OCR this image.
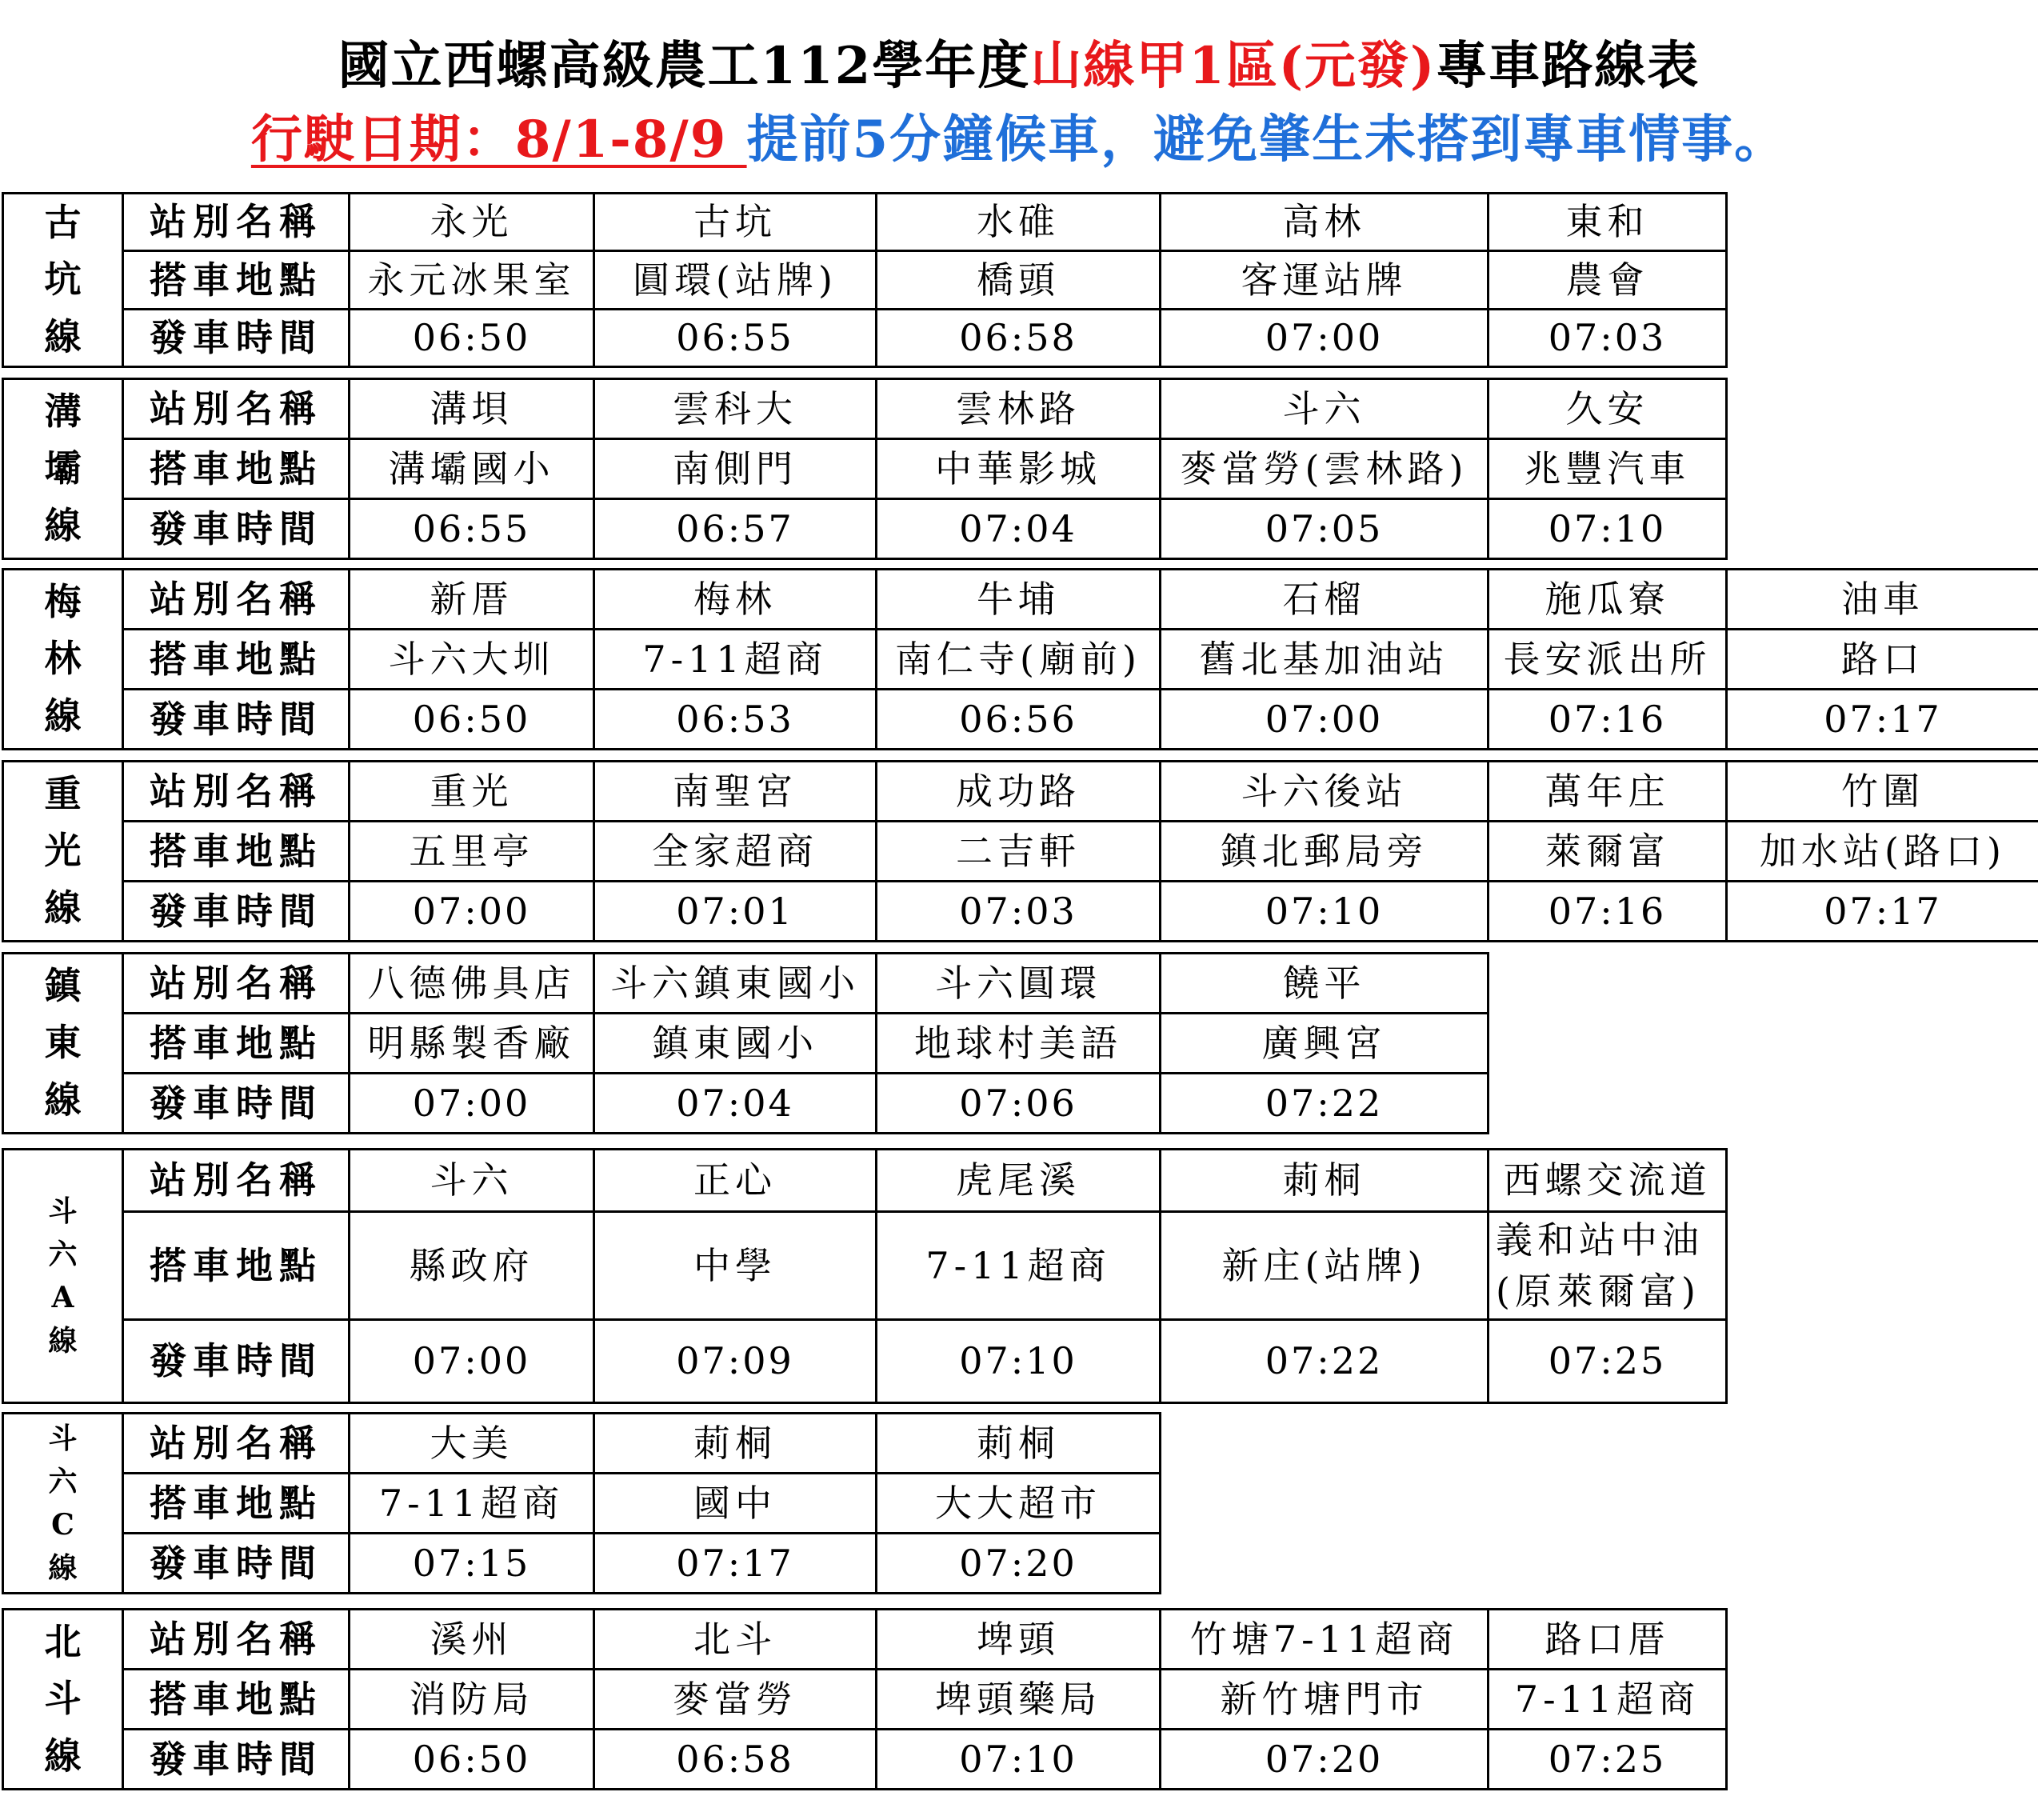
國立西螺高級農工112學年度山線甲1區(元發)專車路線表
行駛日期：8/1-8/9 提前5分鐘候車，避免肇生未搭到專車情事。
古
坑
線	站別名稱	永光	古坑	水碓	高林	東和
	搭車地點	永元冰果室	圓環(站牌)	橋頭	客運站牌	農會
	發車時間	06:50	06:55	06:58	07:00	07:03
溝
壩
線	站別名稱	溝垻	雲科大	雲林路	斗六	久安
	搭車地點	溝壩國小	南側門	中華影城	麥當勞(雲林路)	兆豐汽車
	發車時間	06:55	06:57	07:04	07:05	07:10
梅
林
線	站別名稱	新厝	梅林	牛埔	石榴	施瓜寮	油車
	搭車地點	斗六大圳	7-11超商	南仁寺(廟前)	舊北基加油站	長安派出所	路口
	發車時間	06:50	06:53	06:56	07:00	07:16	07:17
重
光
線	站別名稱	重光	南聖宮	成功路	斗六後站	萬年庄	竹圍
	搭車地點	五里亭	全家超商	二吉軒	鎮北郵局旁	萊爾富	加水站(路口)
	發車時間	07:00	07:01	07:03	07:10	07:16	07:17
鎮
東
線	站別名稱	八德佛具店	斗六鎮東國小	斗六圓環	饒平
	搭車地點	明縣製香廠	鎮東國小	地球村美語	廣興宮
	發車時間	07:00	07:04	07:06	07:22
斗
六
A
線	站別名稱	斗六	正心	虎尾溪	莿桐	西螺交流道
	搭車地點	縣政府	中學	7-11超商	新庄(站牌)	義和站中油
(原萊爾富)
	發車時間	07:00	07:09	07:10	07:22	07:25
斗
六
C
線	站別名稱	大美	莿桐	莿桐
	搭車地點	7-11超商	國中	大大超市
	發車時間	07:15	07:17	07:20
北
斗
線	站別名稱	溪州	北斗	埤頭	竹塘7-11超商	路口厝
	搭車地點	消防局	麥當勞	埤頭藥局	新竹塘門市	7-11超商
	發車時間	06:50	06:58	07:10	07:20	07:25
